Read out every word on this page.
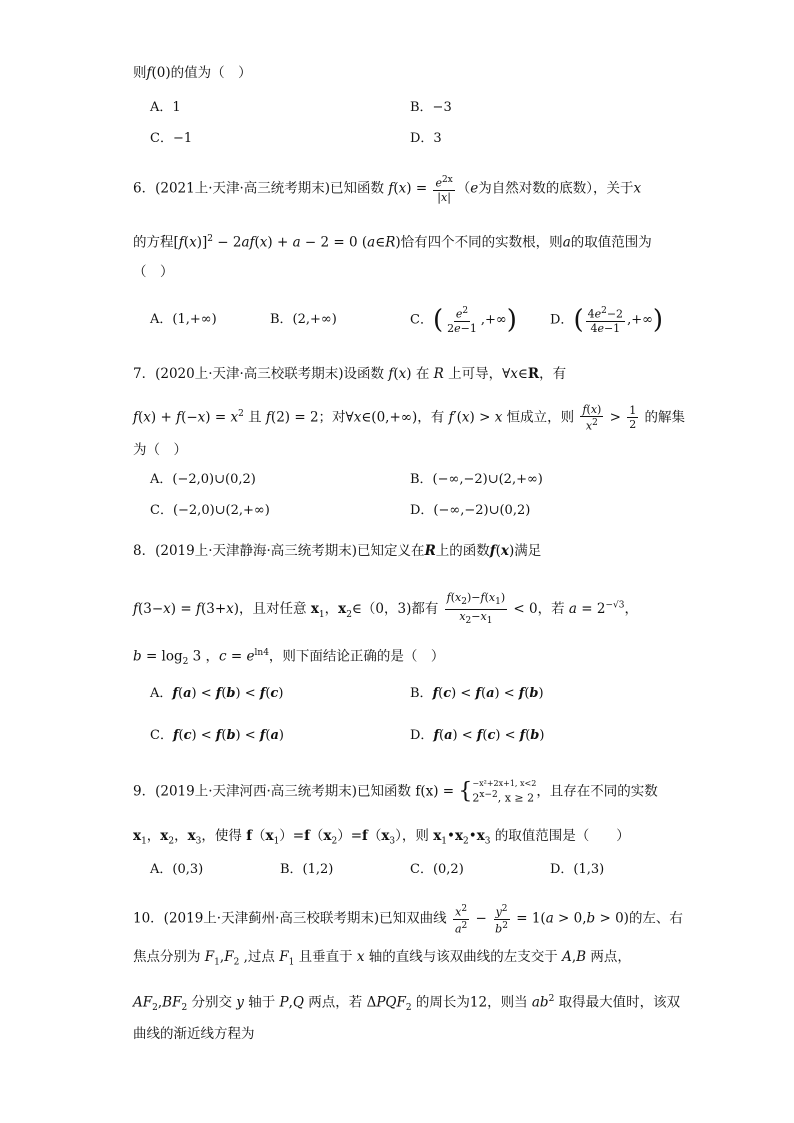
则f(0)的值为（　）
A．1	B．−3
C．−1	D．3
6．(2021上·天津·高三统考期末)已知函数 $f(x) = \frac{e^{2x}}{|x|} (e$为自然对数的底数），关于x
的方程$[f(x)]^2 - 2af(x) + a - 2 = 0$ (a∈R)恰有四个不同的实数根，则a的取值范围为
（　）
A．(1,+∞)	B．(2,+∞)	C．( $\frac{e^2}{2e-1}$ ,+∞)	D．( $\frac{4e^2-2}{4e-1}$ ,+∞)
7．(2020上·天津·高三校联考期末)设函数 f(x) 在 R 上可导，∀x∈R，有
$f(x) + f(-x) = x^2$ 且 f(2) = 2；对∀x∈(0,+∞)，有 f′(x) > x 恒成立，则 $\frac{f(x)}{x^2} > \frac{1}{2}$ 的解集
为（　）
A．(−2,0)∪(0,2)	B．(−∞,−2)∪(2,+∞)
C．(−2,0)∪(2,+∞)	D．(−∞,−2)∪(0,2)
8．(2019上·天津静海·高三统考期末)已知定义在R上的函数f(x)满足
f(3−x) = f(3+x)，且对任意 $x_1$，$x_2\in(0$，3)都有 $\frac{f(x_2)-f(x_1)}{x_2-x_1} < 0$，若 $a = 2^{-√3}$，
$b = \log_2 3$ ，$c = e^{ln4}$，则下面结论正确的是（　）
A．f(a) < f(b) < f(c)	B．f(c) < f(a) < f(b)
C．f(c) < f(b) < f(a)	D．f(a) < f(c) < f(b)
9．(2019上·天津河西·高三统考期末)已知函数 f(x) = { −x²+2x+1, x<2
$2^{x-2}$, x ≥ 2 ，且存在不同的实数
$x_1$，$x_2$，$x_3$，使得 $f(x_1)=f(x_2)=f(x_3)$，则 $x_1•x_2•x_3$ 的取值范围是（　　）
A．(0,3)	B．(1,2)	C．(0,2)	D．(1,3)
10．(2019上·天津蓟州·高三校联考期末)已知双曲线 $\frac{x^2}{a^2} - \frac{y^2}{b^2} = 1(a > 0,b > 0)$的左、右
焦点分别为 $F_1,F_2$ ,过点 $F_1$ 且垂直于 x 轴的直线与该双曲线的左支交于 A,B 两点，
$AF_2,BF_2$ 分别交 y 轴于 P,Q 两点，若 $\Delta PQF_2$ 的周长为12，则当 $ab^2$ 取得最大值时，该双
曲线的渐近线方程为
